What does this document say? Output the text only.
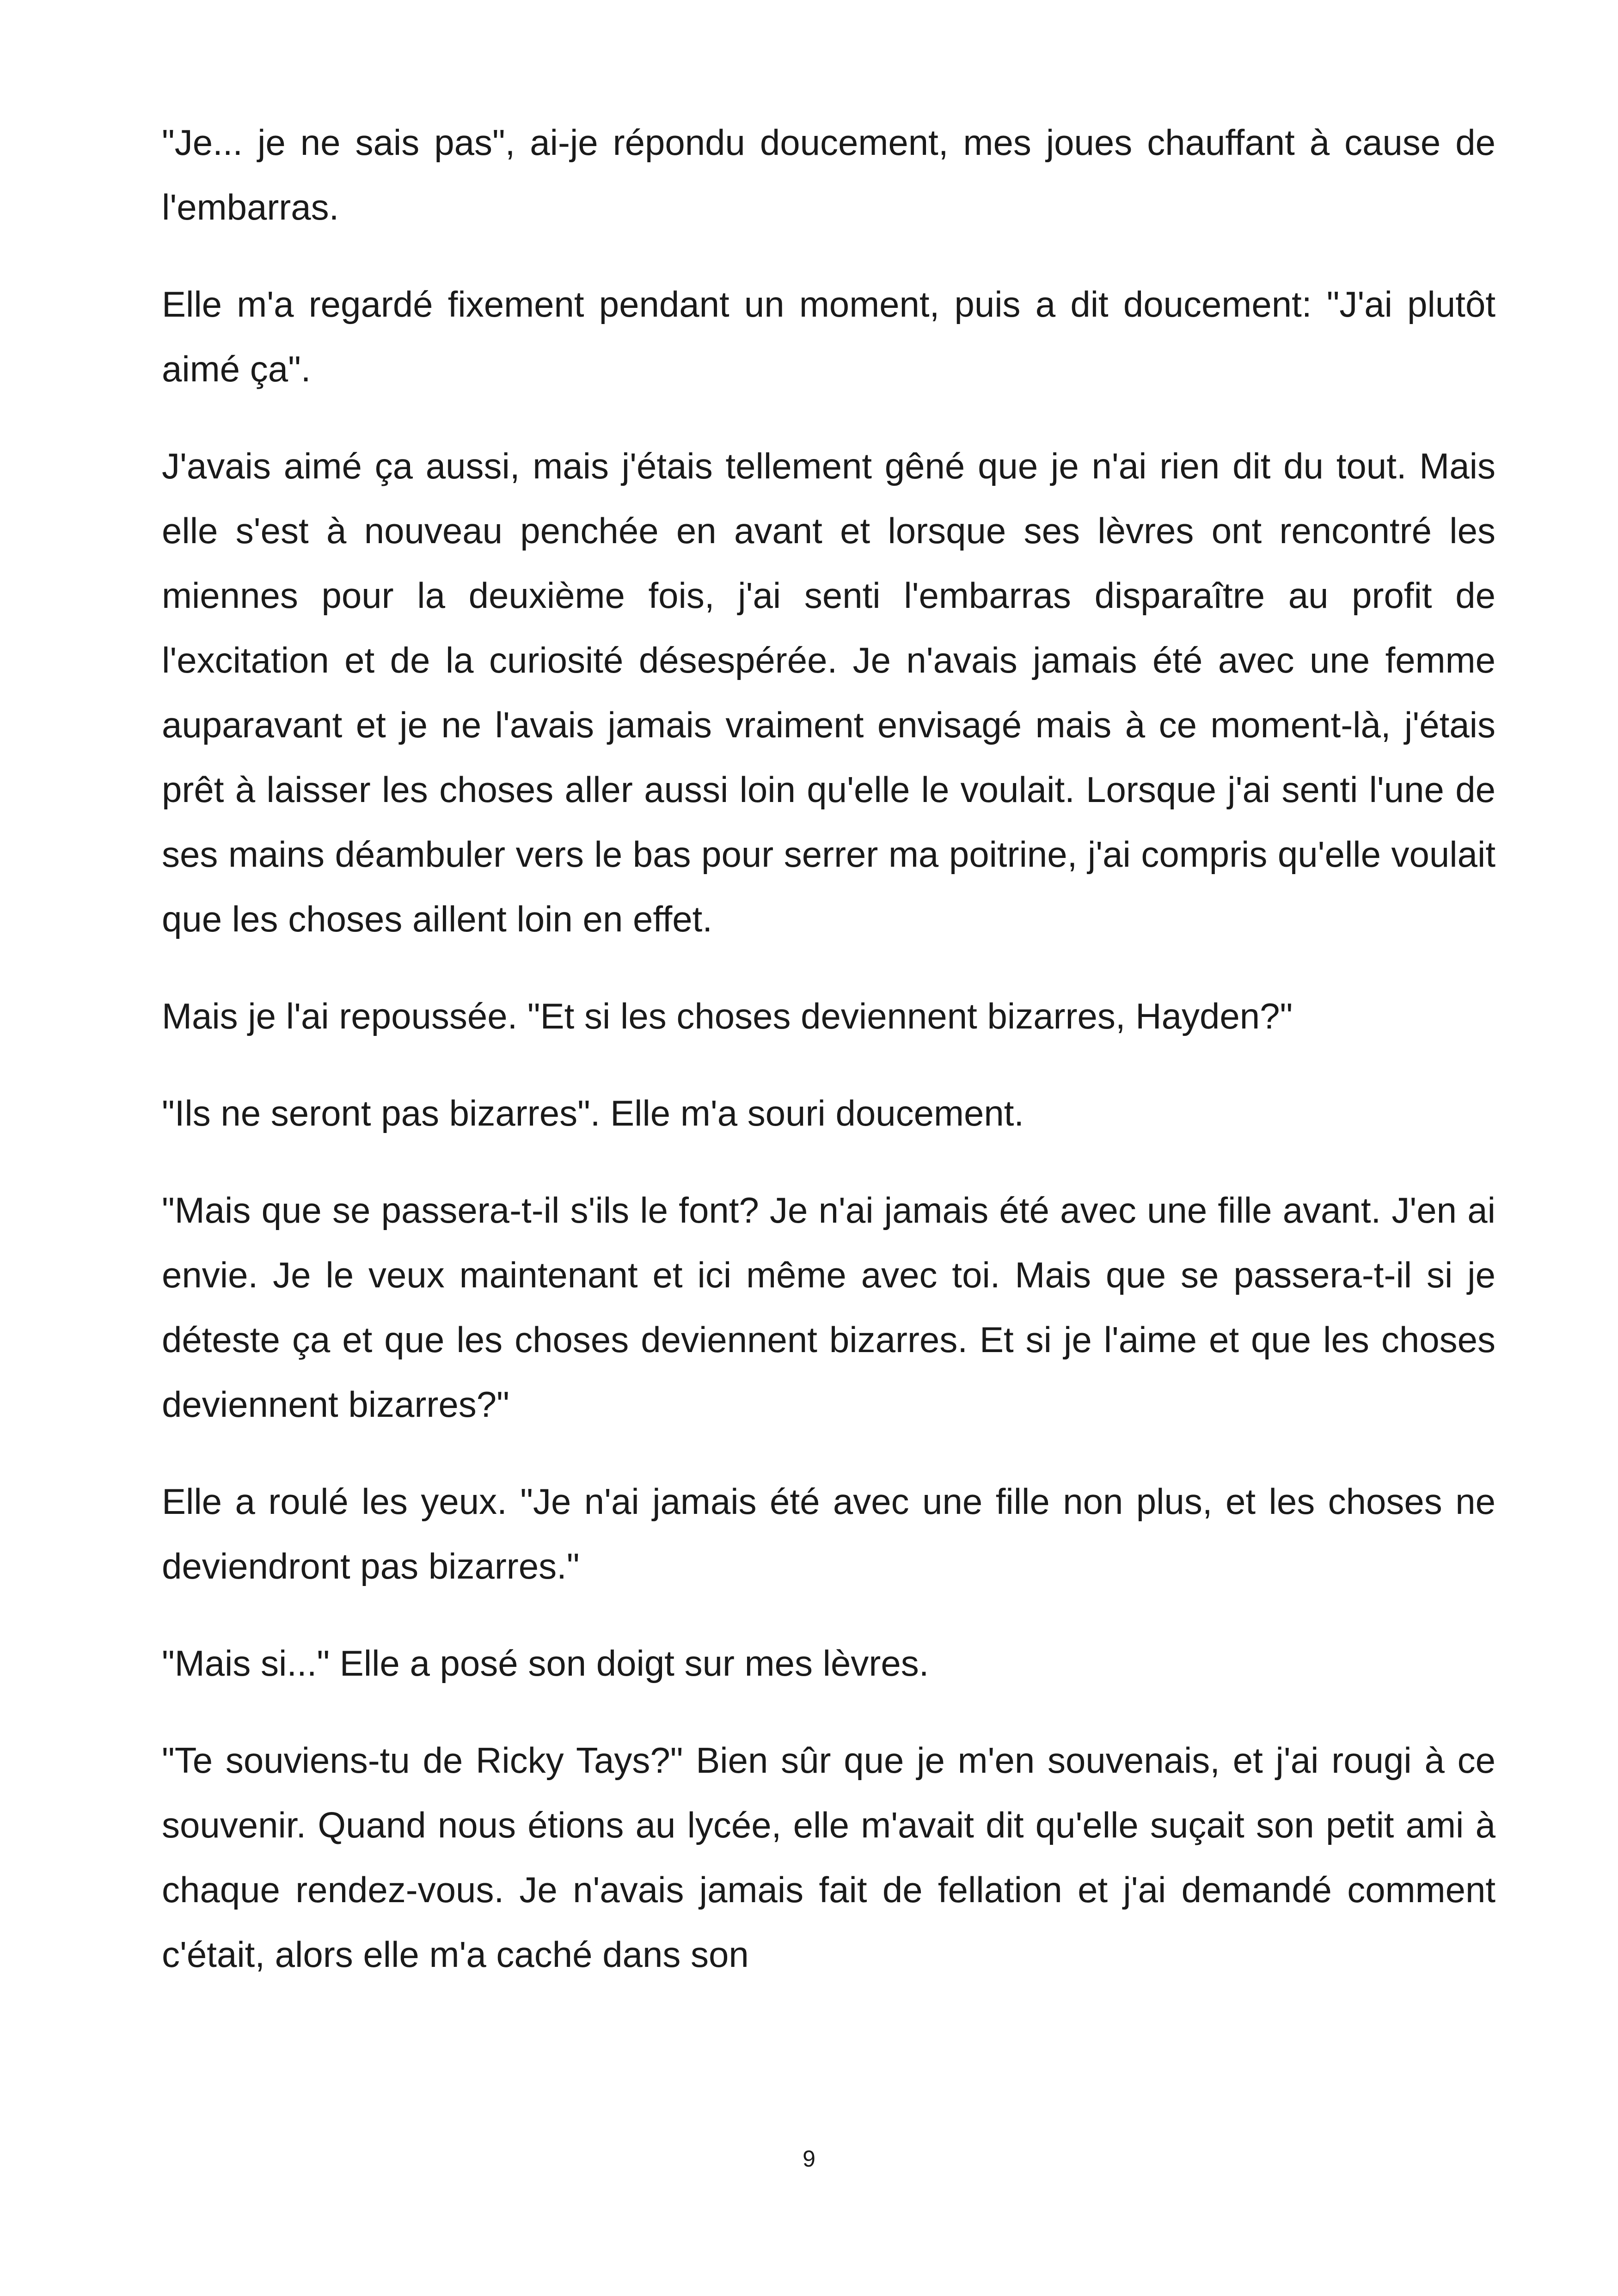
"Je... je ne sais pas", ai-je répondu doucement, mes joues chauffant à cause de l'embarras.

Elle m'a regardé fixement pendant un moment, puis a dit doucement: "J'ai plutôt aimé ça".

J'avais aimé ça aussi, mais j'étais tellement gêné que je n'ai rien dit du tout. Mais elle s'est à nouveau penchée en avant et lorsque ses lèvres ont rencontré les miennes pour la deuxième fois, j'ai senti l'embarras disparaître au profit de l'excitation et de la curiosité désespérée. Je n'avais jamais été avec une femme auparavant et je ne l'avais jamais vraiment envisagé mais à ce moment-là, j'étais prêt à laisser les choses aller aussi loin qu'elle le voulait. Lorsque j'ai senti l'une de ses mains déambuler vers le bas pour serrer ma poitrine, j'ai compris qu'elle voulait que les choses aillent loin en effet.

Mais je l'ai repoussée. "Et si les choses deviennent bizarres, Hayden?"

"Ils ne seront pas bizarres". Elle m'a souri doucement.

"Mais que se passera-t-il s'ils le font? Je n'ai jamais été avec une fille avant. J'en ai envie. Je le veux maintenant et ici même avec toi. Mais que se passera-t-il si je déteste ça et que les choses deviennent bizarres. Et si je l'aime et que les choses deviennent bizarres?"

Elle a roulé les yeux. "Je n'ai jamais été avec une fille non plus, et les choses ne deviendront pas bizarres."

"Mais si..." Elle a posé son doigt sur mes lèvres.

"Te souviens-tu de Ricky Tays?" Bien sûr que je m'en souvenais, et j'ai rougi à ce souvenir. Quand nous étions au lycée, elle m'avait dit qu'elle suçait son petit ami à chaque rendez-vous. Je n'avais jamais fait de fellation et j'ai demandé comment c'était, alors elle m'a caché dans son

9
